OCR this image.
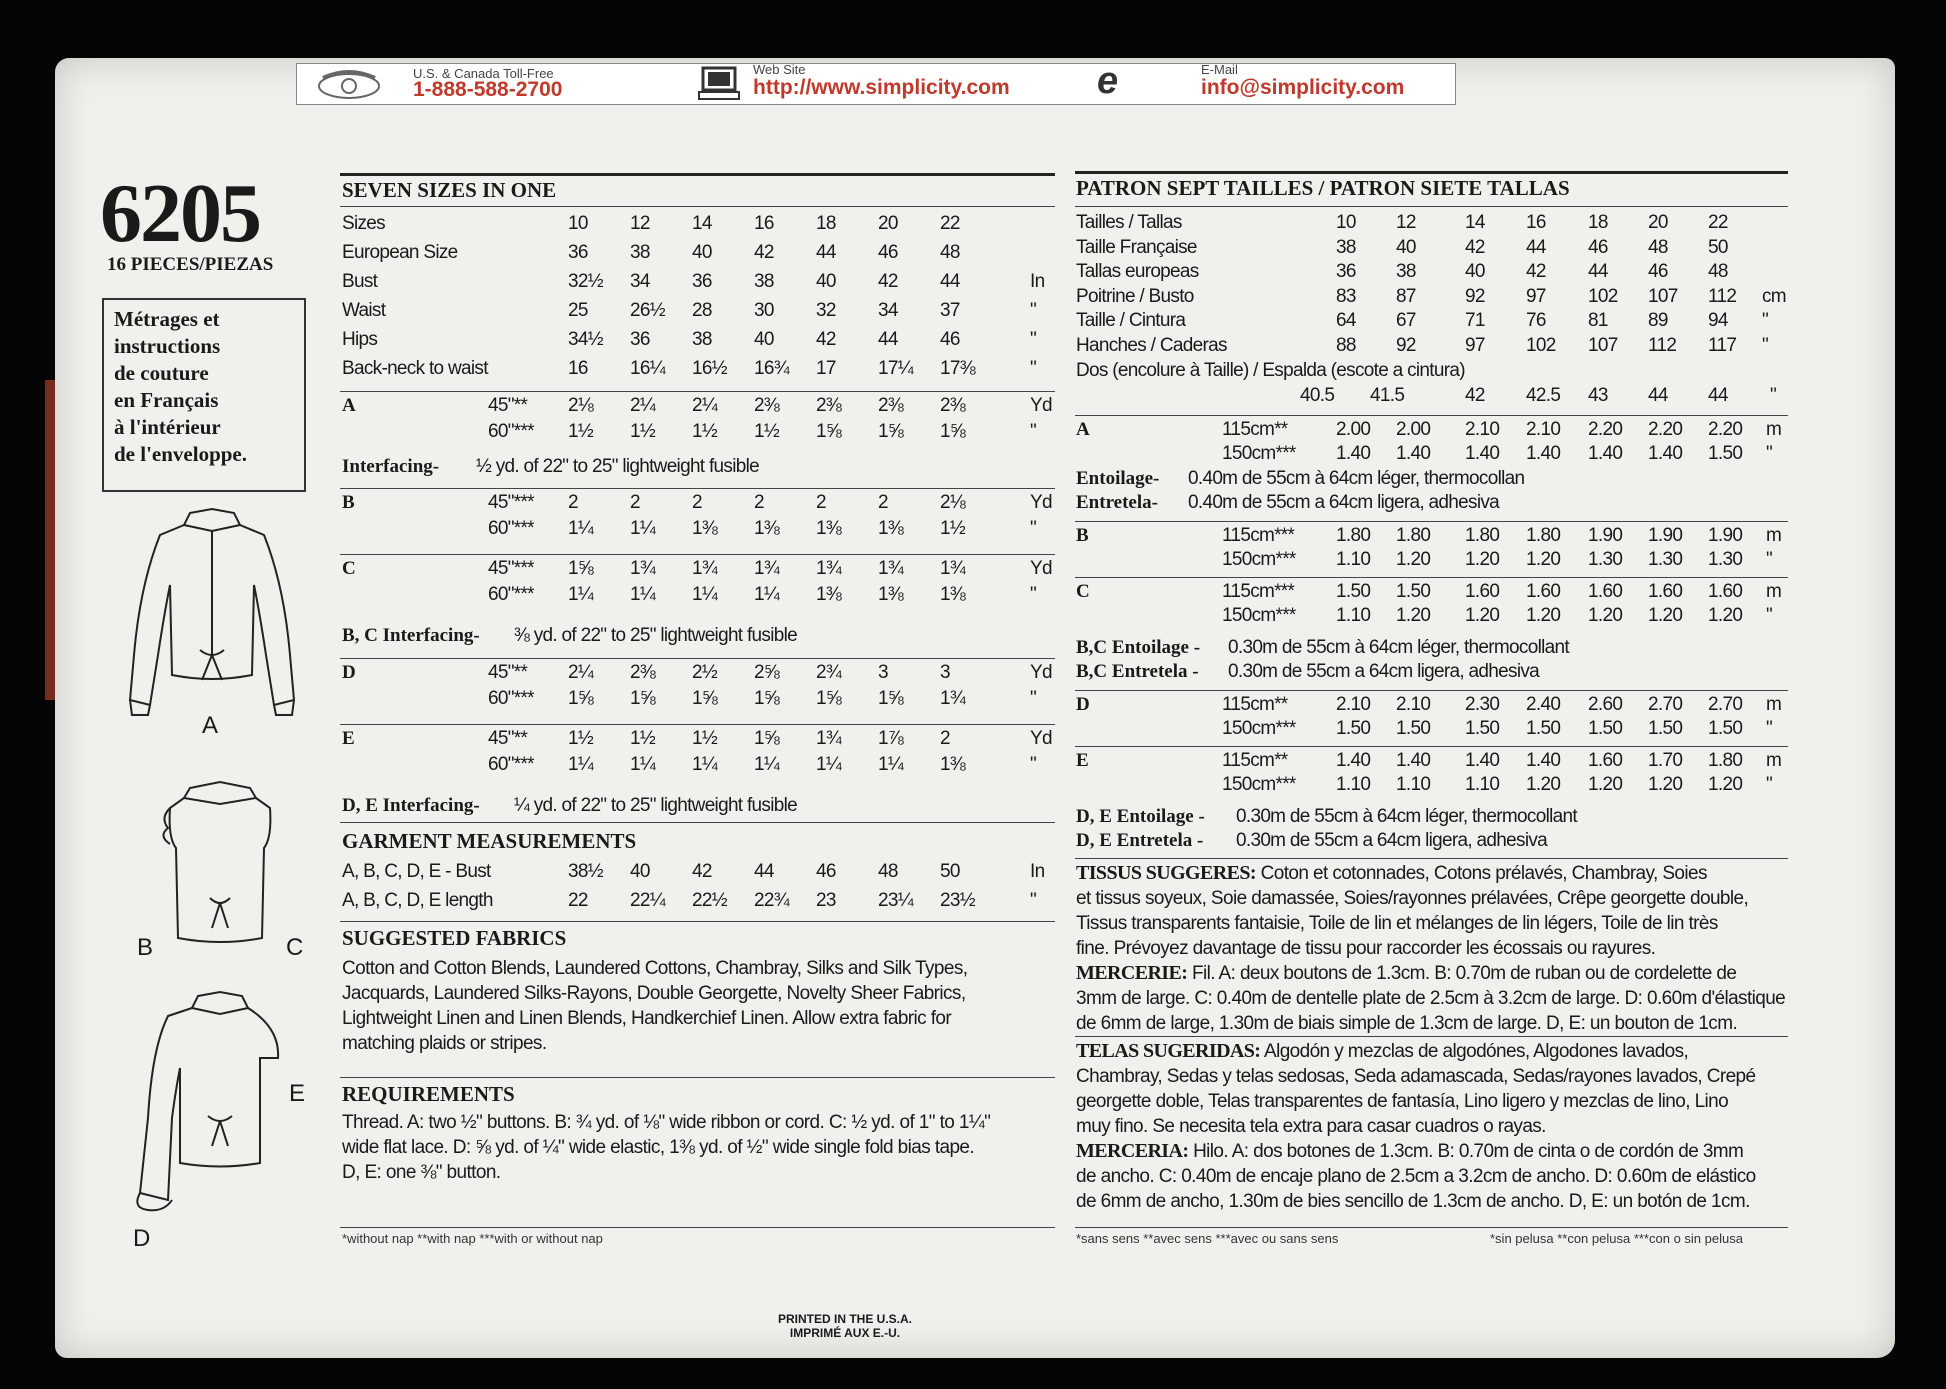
U.S. & Canada Toll-Free
1-888-588-2700
Web Site
http://www.simplicity.com e	E-Mail
info@simplicity.com
6205
16 PIECES/PIEZAS
Métrages et
instructions
de couture
en Français
à l'intérieur
de l'enveloppe.
A
B	C
E
D
SEVEN SIZES IN ONE
Sizes	10 12 14 16 18 20 22
European Size	36 38 40 42 44 46 48
Bust	32½ 34 36 38 40 42 44	In
Waist	25 26½ 28 30 32 34 37	"
Hips	34½ 36 38 40 42 44 46	"
Back-neck to waist	16 16¼ 16½ 16¾ 17 17¼ 17⅜	"
A	45"** 2⅛ 2¼ 2¼ 2⅜ 2⅜ 2⅜ 2⅜	Yd
60"*** 1½ 1½ 1½ 1½ 1⅝ 1⅝ 1⅝	"
B	45"*** 2	2	2	2	2	2	2⅛	Yd
60"*** 1¼ 1¼ 1⅜ 1⅜ 1⅜ 1⅜ 1½	"
C	45"*** 1⅝ 1¾ 1¾ 1¾ 1¾ 1¾ 1¾	Yd
60"*** 1¼ 1¼ 1¼ 1¼ 1⅜ 1⅜ 1⅜	"
D	45"** 2¼ 2⅜ 2½ 2⅝ 2¾ 3	3	Yd
60"*** 1⅝ 1⅝ 1⅝ 1⅝ 1⅝ 1⅝ 1¾	"
E	45"** 1½ 1½ 1½ 1⅝ 1¾ 1⅞ 2	Yd
60"*** 1¼ 1¼ 1¼ 1¼ 1¼ 1¼ 1⅜	"
Interfacing- ½ yd. of 22" to 25" lightweight fusible
B, C Interfacing- ⅜ yd. of 22" to 25" lightweight fusible
D, E Interfacing- ¼ yd. of 22" to 25" lightweight fusible
GARMENT MEASUREMENTS
A, B, C, D, E - Bust	38½ 40 42 44 46 48 50	In
A, B, C, D, E length	22 22¼ 22½ 22¾ 23 23¼ 23½	"
SUGGESTED FABRICS
Cotton and Cotton Blends, Laundered Cottons, Chambray, Silks and Silk Types,
Jacquards, Laundered Silks-Rayons, Double Georgette, Novelty Sheer Fabrics,
Lightweight Linen and Linen Blends, Handkerchief Linen. Allow extra fabric for
matching plaids or stripes.
REQUIREMENTS
Thread. A: two ½" buttons. B: ¾ yd. of ⅛" wide ribbon or cord. C: ½ yd. of 1" to 1¼"
wide flat lace. D: ⅝ yd. of ¼" wide elastic, 1⅜ yd. of ½" wide single fold bias tape.
D, E: one ⅜" button.
*without nap **with nap ***with or without nap
PATRON SEPT TAILLES / PATRON SIETE TALLAS
Tailles / Tallas	10 12	14 16 18 20 22
Taille Française	38 40	42 44 46 48 50
Tallas europeas	36 38	40 42 44 46 48
Poitrine / Busto	83 87	92 97 102 107 112 cm
Taille / Cintura	64 67	71 76 81 89 94 "
Hanches / Caderas	88 92	97 102 107 112 117 "
Dos (encolure à Taille) / Espalda (escote a cintura)
40.5 41.5	42 42.5 43 44 44 "
A	115cm**	2.00 2.00 2.10 2.10 2.20 2.20 2.20 m
150cm*** 1.40 1.40 1.40 1.40 1.40 1.40 1.50 "
B	115cm*** 1.80 1.80 1.80 1.80 1.90 1.90 1.90 m
150cm*** 1.10 1.20 1.20 1.20 1.30 1.30 1.30 "
C	115cm*** 1.50 1.50 1.60 1.60 1.60 1.60 1.60 m
150cm*** 1.10 1.20 1.20 1.20 1.20 1.20 1.20 "
D	115cm**	2.10 2.10 2.30 2.40 2.60 2.70 2.70 m
150cm*** 1.50 1.50 1.50 1.50 1.50 1.50 1.50 "
E	115cm**	1.40 1.40 1.40 1.40 1.60 1.70 1.80 m
150cm*** 1.10 1.10 1.10 1.20 1.20 1.20 1.20 "
Entoilage- 0.40m de 55cm à 64cm léger, thermocollan
Entretela- 0.40m de 55cm a 64cm ligera, adhesiva
B,C Entoilage - 0.30m de 55cm à 64cm léger, thermocollant
B,C Entretela - 0.30m de 55cm a 64cm ligera, adhesiva
D, E Entoilage - 0.30m de 55cm à 64cm léger, thermocollant
D, E Entretela - 0.30m de 55cm a 64cm ligera, adhesiva
TISSUS SUGGERES: Coton et cotonnades, Cotons prélavés, Chambray, Soies
et tissus soyeux, Soie damassée, Soies/rayonnes prélavées, Crêpe georgette double,
Tissus transparents fantaisie, Toile de lin et mélanges de lin légers, Toile de lin très
fine. Prévoyez davantage de tissu pour raccorder les écossais ou rayures.
MERCERIE: Fil. A: deux boutons de 1.3cm. B: 0.70m de ruban ou de cordelette de
3mm de large. C: 0.40m de dentelle plate de 2.5cm à 3.2cm de large. D: 0.60m d'élastique
de 6mm de large, 1.30m de biais simple de 1.3cm de large. D, E: un bouton de 1cm.
TELAS SUGERIDAS: Algodón y mezclas de algodónes, Algodones lavados,
Chambray, Sedas y telas sedosas, Seda adamascada, Sedas/rayones lavados, Crepé
georgette doble, Telas transparentes de fantasía, Lino ligero y mezclas de lino, Lino
muy fino. Se necesita tela extra para casar cuadros o rayas.
MERCERIA: Hilo. A: dos botones de 1.3cm. B: 0.70m de cinta o de cordón de 3mm
de ancho. C: 0.40m de encaje plano de 2.5cm a 3.2cm de ancho. D: 0.60m de elástico
de 6mm de ancho, 1.30m de bies sencillo de 1.3cm de ancho. D, E: un botón de 1cm.
*sans sens **avec sens ***avec ou sans sens	*sin pelusa **con pelusa ***con o sin pelusa
PRINTED IN THE U.S.A.
IMPRIMÉ AUX E.-U.
